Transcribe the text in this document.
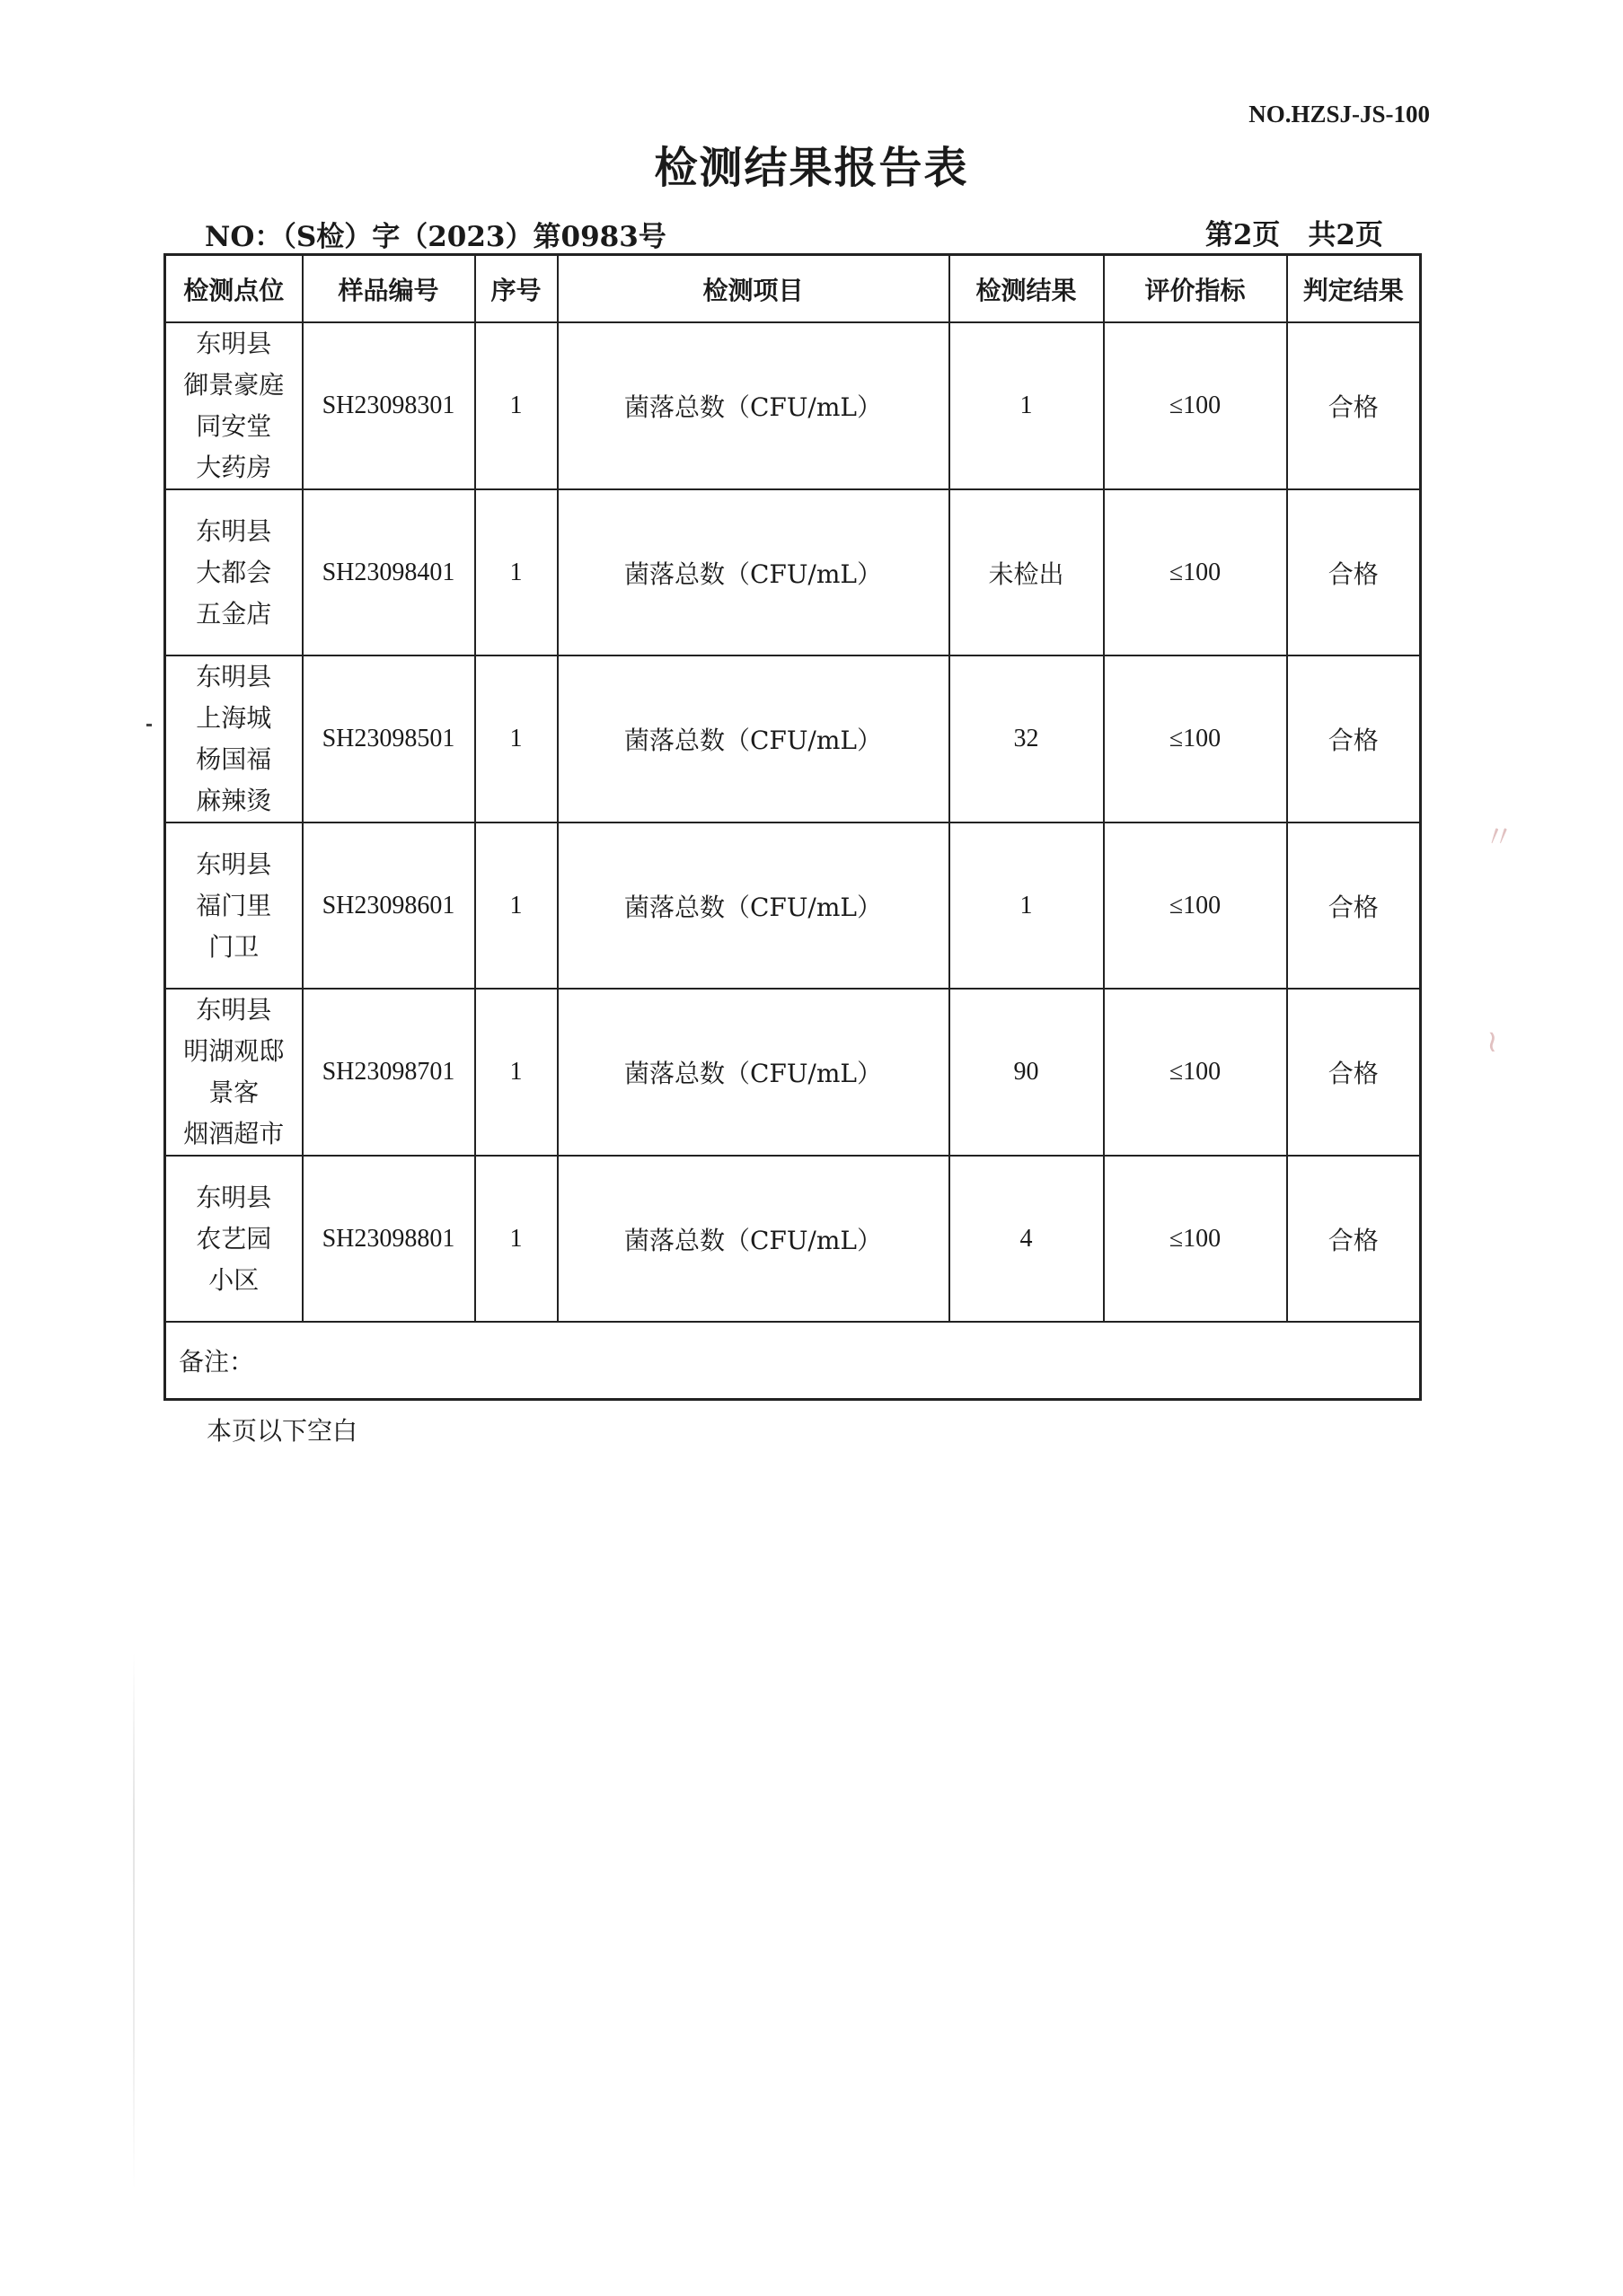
NO.HZSJ-JS-100
检测结果报告表
NO：（S检）字（2023）第0983号	第2页　共2页
检测点位	样品编号	序号	检测项目	检测结果	评价指标	判定结果

东明县
御景豪庭
同安堂
大药房	SH23098301	1	菌落总数（CFU/mL）	1	≤100	合格

东明县
大都会
五金店	SH23098401	1	菌落总数（CFU/mL）	未检出	≤100	合格

东明县
上海城
杨国福
麻辣烫	SH23098501	1	菌落总数（CFU/mL）	32	≤100	合格

东明县
福门里
门卫	SH23098601	1	菌落总数（CFU/mL）	1	≤100	合格

东明县
明湖观邸
景客
烟酒超市	SH23098701	1	菌落总数（CFU/mL）	90	≤100	合格

东明县
农艺园
小区	SH23098801	1	菌落总数（CFU/mL）	4	≤100	合格
备注：						
本页以下空白
〃
≀
